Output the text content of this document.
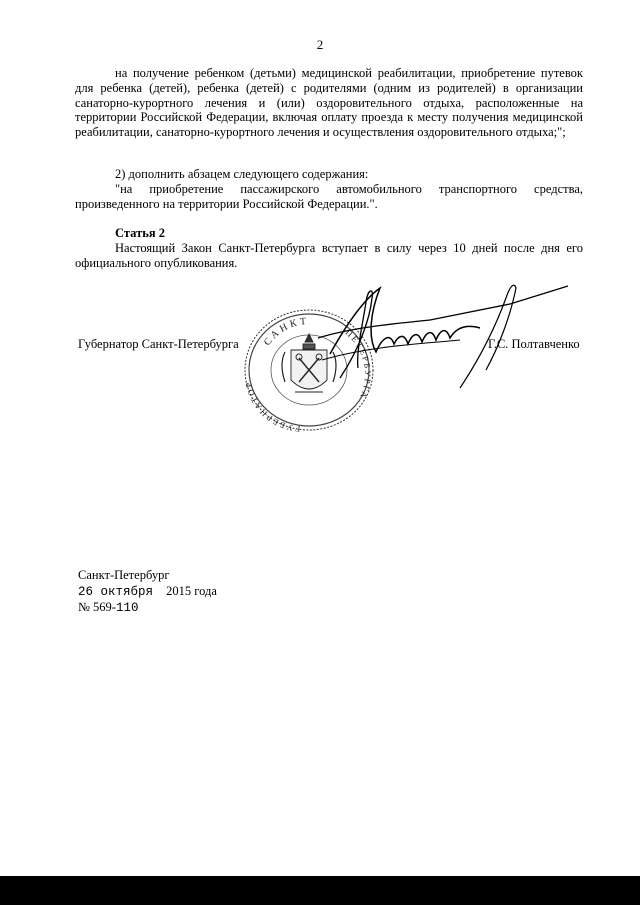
2
на получение ребенком (детьми) медицинской реабилитации, приобретение путевок для ребенка (детей), ребенка (детей) с родителями (одним из родителей) в организации санаторно-курортного лечения и (или) оздоровительного отдыха, расположенные на территории Российской Федерации, включая оплату проезда к месту получения медицинской реабилитации, санаторно-курортного лечения и осуществления оздоровительного отдыха;";
2) дополнить абзацем следующего содержания:
"на приобретение пассажирского автомобильного транспортного средства, произведенного на территории Российской Федерации.".
Статья 2
Настоящий Закон Санкт-Петербурга вступает в силу через 10 дней после дня его официального опубликования.
САНКТ
ГУБЕРНАТОР
ПЕТЕРБУРГА
Губернатор Санкт-Петербурга	Г.С. Полтавченко
Санкт-Петербург
26 октября 2015 года
№ 569-110
